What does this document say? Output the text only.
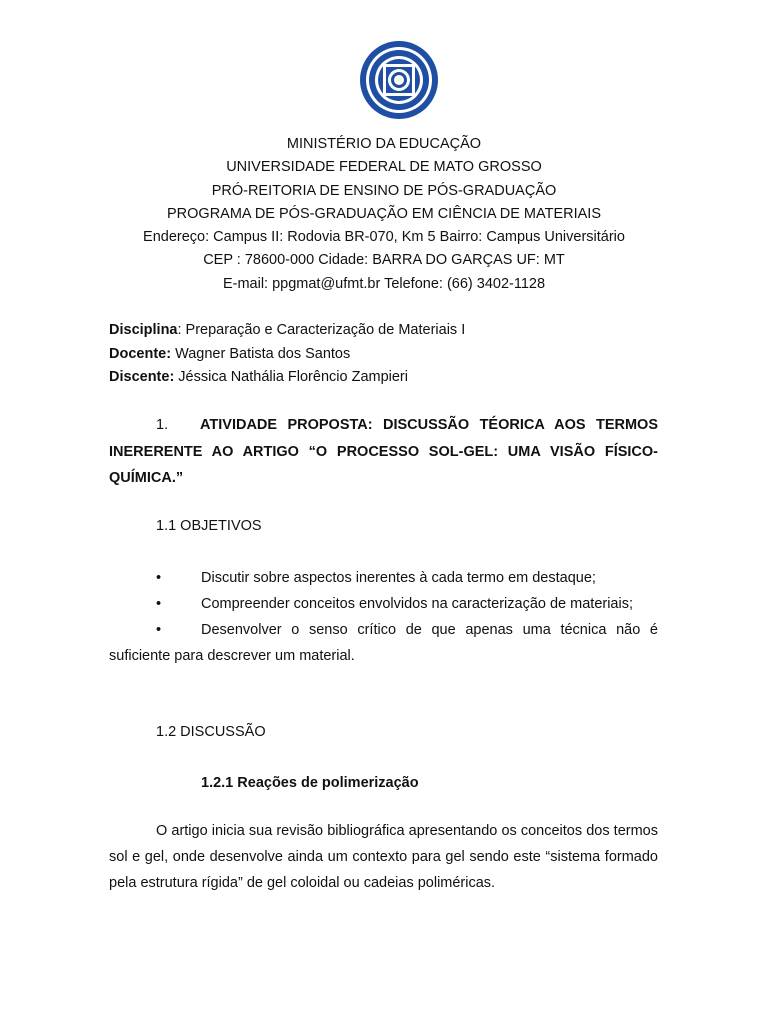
MINISTÉRIO DA EDUCAÇÃO
UNIVERSIDADE FEDERAL DE MATO GROSSO
PRÓ-REITORIA DE ENSINO DE PÓS-GRADUAÇÃO
PROGRAMA DE PÓS-GRADUAÇÃO EM CIÊNCIA DE MATERIAIS
Endereço: Campus II: Rodovia BR-070, Km 5 Bairro: Campus Universitário
CEP : 78600-000 Cidade: BARRA DO GARÇAS UF: MT
E-mail: ppgmat@ufmt.br Telefone: (66) 3402-1128
Disciplina: Preparação e Caracterização de Materiais I
Docente: Wagner Batista dos Santos
Discente: Jéssica Nathália Florêncio Zampieri
1. ATIVIDADE PROPOSTA: DISCUSSÃO TÉORICA AOS TERMOS INERERENTE AO ARTIGO “O PROCESSO SOL-GEL: UMA VISÃO FÍSICO-QUÍMICA.”
1.1 OBJETIVOS
•	Discutir sobre aspectos inerentes à cada termo em destaque;
•	Compreender conceitos envolvidos na caracterização de materiais;
•	Desenvolver o senso crítico de que apenas uma técnica não é suficiente para descrever um material.
1.2 DISCUSSÃO
1.2.1 Reações de polimerização
O artigo inicia sua revisão bibliográfica apresentando os conceitos dos termos sol e gel, onde desenvolve ainda um contexto para gel sendo este “sistema formado pela estrutura rígida” de gel coloidal ou cadeias poliméricas.
